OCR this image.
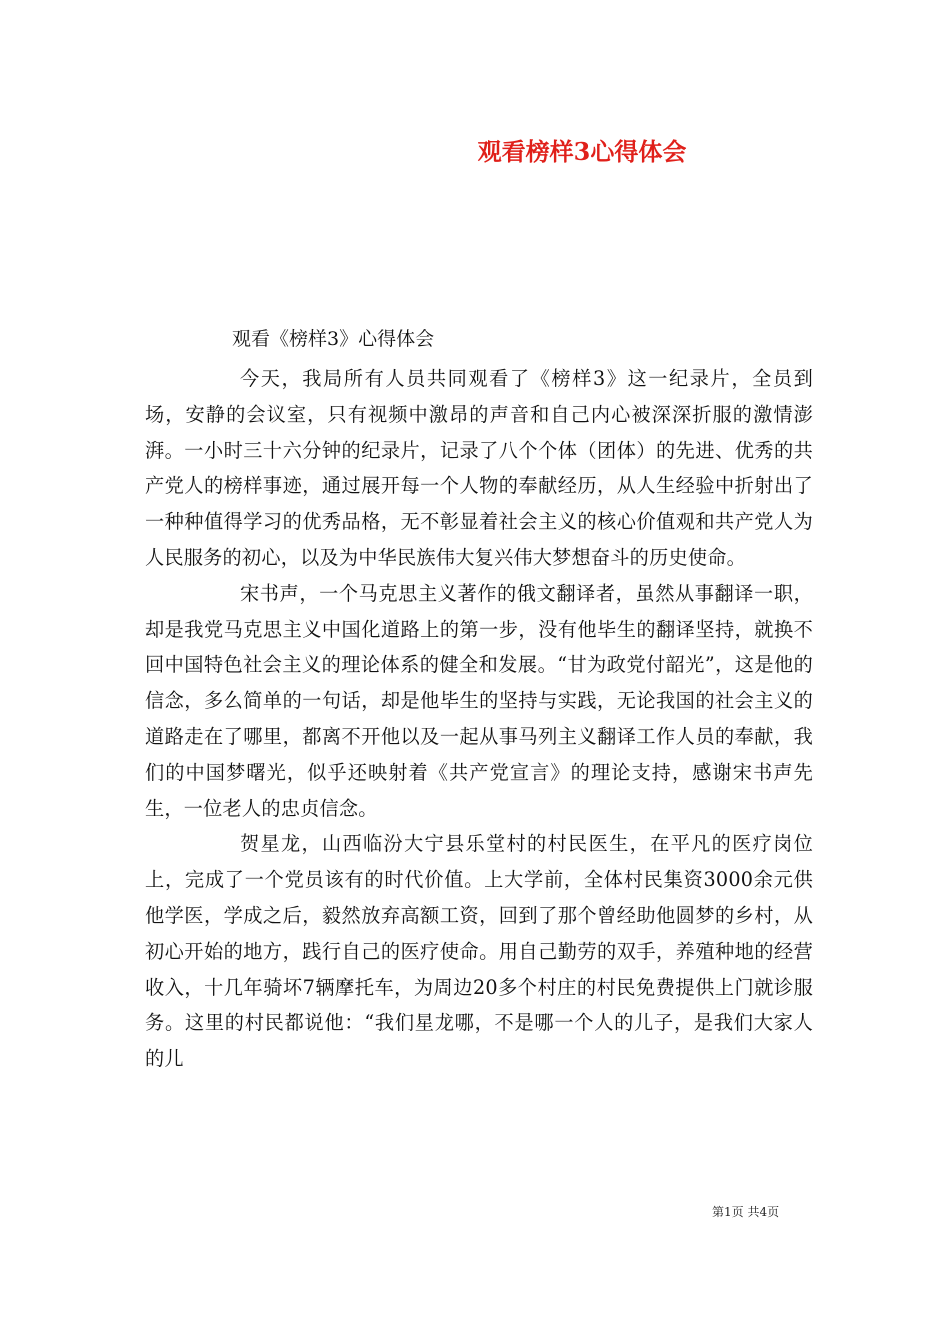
观看榜样3心得体会
观看《榜样3》心得体会

今天，我局所有人员共同观看了《榜样3》这一纪录片，全员到场，安静的会议室，只有视频中激昂的声音和自己内心被深深折服的激情澎湃。一小时三十六分钟的纪录片，记录了八个个体（团体）的先进、优秀的共产党人的榜样事迹，通过展开每一个人物的奉献经历，从人生经验中折射出了一种种值得学习的优秀品格，无不彰显着社会主义的核心价值观和共产党人为人民服务的初心，以及为中华民族伟大复兴伟大梦想奋斗的历史使命。

宋书声，一个马克思主义著作的俄文翻译者，虽然从事翻译一职，却是我党马克思主义中国化道路上的第一步，没有他毕生的翻译坚持，就换不回中国特色社会主义的理论体系的健全和发展。“甘为政党付韶光”，这是他的信念，多么简单的一句话，却是他毕生的坚持与实践，无论我国的社会主义的道路走在了哪里，都离不开他以及一起从事马列主义翻译工作人员的奉献，我们的中国梦曙光，似乎还映射着《共产党宣言》的理论支持，感谢宋书声先生，一位老人的忠贞信念。

贺星龙，山西临汾大宁县乐堂村的村民医生，在平凡的医疗岗位上，完成了一个党员该有的时代价值。上大学前，全体村民集资3000余元供他学医，学成之后，毅然放弃高额工资，回到了那个曾经助他圆梦的乡村，从初心开始的地方，践行自己的医疗使命。用自己勤劳的双手，养殖种地的经营收入，十几年骑坏7辆摩托车，为周边20多个村庄的村民免费提供上门就诊服务。这里的村民都说他：“我们星龙哪，不是哪一个人的儿子，是我们大家人的儿

第1页 共4页
